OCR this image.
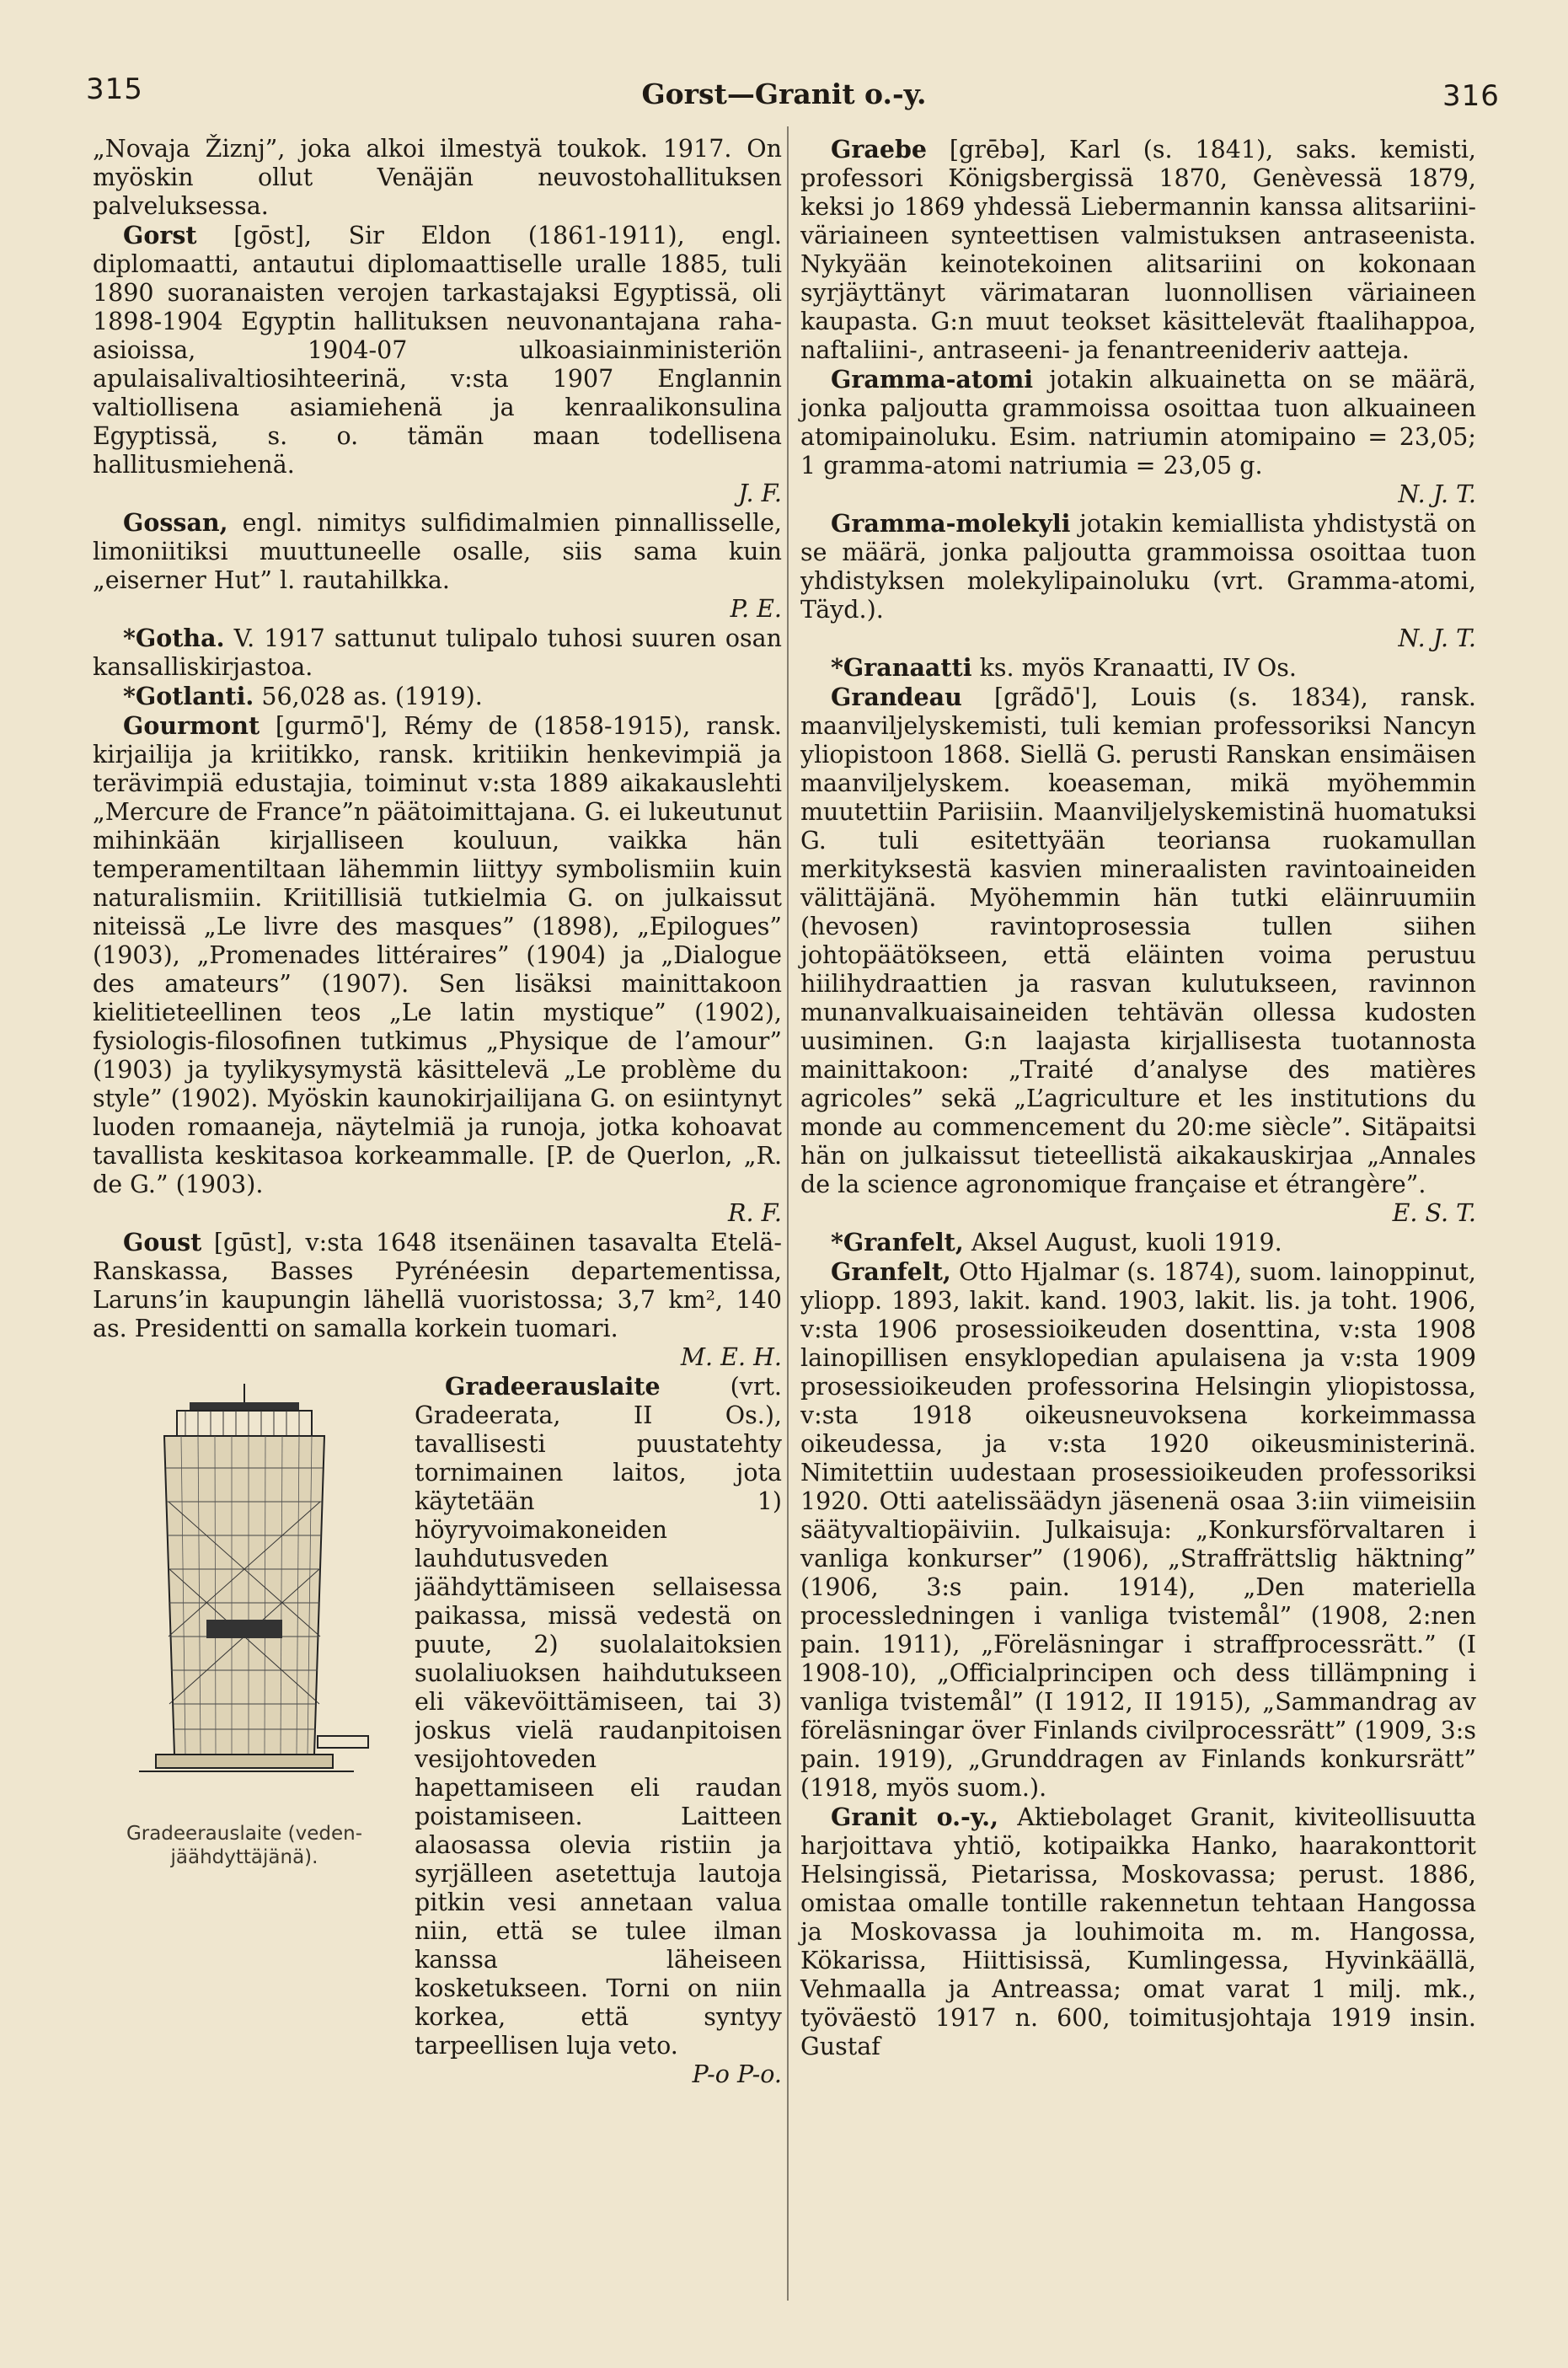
315	Gorst—Granit o.-y.	316

„Novaja Žiznj”, joka alkoi ilmestyä toukok. 1917. On myöskin ollut Venäjän neuvostohallituksen palveluksessa.

Gorst [gōst], Sir Eldon (1861-1911), engl. diplomaatti, antautui diplomaattiselle uralle 1885, tuli 1890 suoranaisten verojen tarkastajaksi Egyptissä, oli 1898-1904 Egyptin hallituksen neuvonantajana raha-asioissa, 1904-07 ulkoasiainministeriön apulaisalivaltiosihteerinä, v:sta 1907 Englannin valtiollisena asiamiehenä ja kenraalikonsulina Egyptissä, s. o. tämän maan todellisena hallitusmiehenä.
J. F.

Gossan, engl. nimitys sulfidimalmien pinnallisselle, limoniitiksi muuttuneelle osalle, siis sama kuin „eiserner Hut” l. rautahilkka.
P. E.

*Gotha. V. 1917 sattunut tulipalo tuhosi suuren osan kansalliskirjastoa.

*Gotlanti. 56,028 as. (1919).

Gourmont [gurmō'], Rémy de (1858-1915), ransk. kirjailija ja kriitikko, ransk. kritiikin henkevimpiä ja terävimpiä edustajia, toiminut v:sta 1889 aikakauslehti „Mercure de France”n päätoimittajana. G. ei lukeutunut mihinkään kirjalliseen kouluun, vaikka hän temperamentiltaan lähemmin liittyy symbolismiin kuin naturalismiin. Kriitillisiä tutkielmia G. on julkaissut niteissä „Le livre des masques” (1898), „Epilogues” (1903), „Promenades littéraires” (1904) ja „Dialogue des amateurs” (1907). Sen lisäksi mainittakoon kielitieteellinen teos „Le latin mystique” (1902), fysiologis-filosofinen tutkimus „Physique de l’amour” (1903) ja tyylikysymystä käsittelevä „Le problème du style” (1902). Myöskin kaunokirjailijana G. on esiintynyt luoden romaaneja, näytelmiä ja runoja, jotka kohoavat tavallista keskitasoa korkeammalle. [P. de Querlon, „R. de G.” (1903).
R. F.

Goust [gūst], v:sta 1648 itsenäinen tasavalta Etelä-Ranskassa, Basses Pyrénéesin departementissa, Laruns’in kaupungin lähellä vuoristossa; 3,7 km², 140 as. Presidentti on samalla korkein tuomari.
M. E. H.

Gradeerauslaite (veden-jäähdyttäjänä).

Gradeerauslaite (vrt. Gradeerata, II Os.), tavallisesti puustatehty tornimainen laitos, jota käytetään 1) höyryvoimakoneiden lauhdutusveden jäähdyttämiseen sellaisessa paikassa, missä vedestä on puute, 2) suolalaitoksien suolaliuoksen haihdutukseen eli väkevöittämiseen, tai 3) joskus vielä raudanpitoisen vesijohtoveden hapettamiseen eli raudan poistamiseen. Laitteen alaosassa olevia ristiin ja syrjälleen asetettuja lautoja pitkin vesi annetaan valua niin, että se tulee ilman kanssa läheiseen kosketukseen. Torni on niin korkea, että syntyy tarpeellisen luja veto.
P-o P-o.

Graebe [grēbə], Karl (s. 1841), saks. kemisti, professori Königsbergissä 1870, Genèvessä 1879, keksi jo 1869 yhdessä Liebermannin kanssa alitsariini-väriaineen synteettisen valmistuksen antraseenista. Nykyään keinotekoinen alitsariini on kokonaan syrjäyttänyt värimataran luonnollisen väriaineen kaupasta. G:n muut teokset käsittelevät ftaalihappoa, naftaliini-, antraseeni- ja fenantreenideriv aatteja.

Gramma-atomi jotakin alkuainetta on se määrä, jonka paljoutta grammoissa osoittaa tuon alkuaineen atomipainoluku. Esim. natriumin atomipaino = 23,05; 1 gramma-atomi natriumia = 23,05 g.
N. J. T.

Gramma-molekyli jotakin kemiallista yhdistystä on se määrä, jonka paljoutta grammoissa osoittaa tuon yhdistyksen molekylipainoluku (vrt. Gramma-atomi, Täyd.).
N. J. T.

*Granaatti ks. myös Kranaatti, IV Os.

Grandeau [grãdō'], Louis (s. 1834), ransk. maanviljelyskemisti, tuli kemian professoriksi Nancyn yliopistoon 1868. Siellä G. perusti Ranskan ensimäisen maanviljelyskem. koeaseman, mikä myöhemmin muutettiin Pariisiin. Maanviljelyskemistinä huomatuksi G. tuli esitettyään teoriansa ruokamullan merkityksestä kasvien mineraalisten ravintoaineiden välittäjänä. Myöhemmin hän tutki eläinruumiin (hevosen) ravintoprosessia tullen siihen johtopäätökseen, että eläinten voima perustuu hiilihydraattien ja rasvan kulutukseen, ravinnon munanvalkuaisaineiden tehtävän ollessa kudosten uusiminen. G:n laajasta kirjallisesta tuotannosta mainittakoon: „Traité d’analyse des matières agricoles” sekä „L’agriculture et les institutions du monde au commencement du 20:me siècle”. Sitäpaitsi hän on julkaissut tieteellistä aikakauskirjaa „Annales de la science agronomique française et étrangère”.
E. S. T.

*Granfelt, Aksel August, kuoli 1919.

Granfelt, Otto Hjalmar (s. 1874), suom. lainoppinut, yliopp. 1893, lakit. kand. 1903, lakit. lis. ja toht. 1906, v:sta 1906 prosessioikeuden dosenttina, v:sta 1908 lainopillisen ensyklopedian apulaisena ja v:sta 1909 prosessioikeuden professorina Helsingin yliopistossa, v:sta 1918 oikeusneuvoksena korkeimmassa oikeudessa, ja v:sta 1920 oikeusministerinä. Nimitettiin uudestaan prosessioikeuden professoriksi 1920. Otti aatelissäädyn jäsenenä osaa 3:iin viimeisiin säätyvaltiopäiviin. Julkaisuja: „Konkursförvaltaren i vanliga konkurser” (1906), „Straffrättslig häktning” (1906, 3:s pain. 1914), „Den materiella processledningen i vanliga tvistemål” (1908, 2:nen pain. 1911), „Föreläsningar i straffprocessrätt.” (I 1908-10), „Officialprincipen och dess tillämpning i vanliga tvistemål” (I 1912, II 1915), „Sammandrag av föreläsningar över Finlands civilprocessrätt” (1909, 3:s pain. 1919), „Grunddragen av Finlands konkursrätt” (1918, myös suom.).

Granit o.-y., Aktiebolaget Granit, kiviteollisuutta harjoittava yhtiö, kotipaikka Hanko, haarakonttorit Helsingissä, Pietarissa, Moskovassa; perust. 1886, omistaa omalle tontille rakennetun tehtaan Hangossa ja Moskovassa ja louhimoita m. m. Hangossa, Kökarissa, Hiittisissä, Kumlingessa, Hyvinkäällä, Vehmaalla ja Antreassa; omat varat 1 milj. mk., työväestö 1917 n. 600, toimitusjohtaja 1919 insin. Gustaf
